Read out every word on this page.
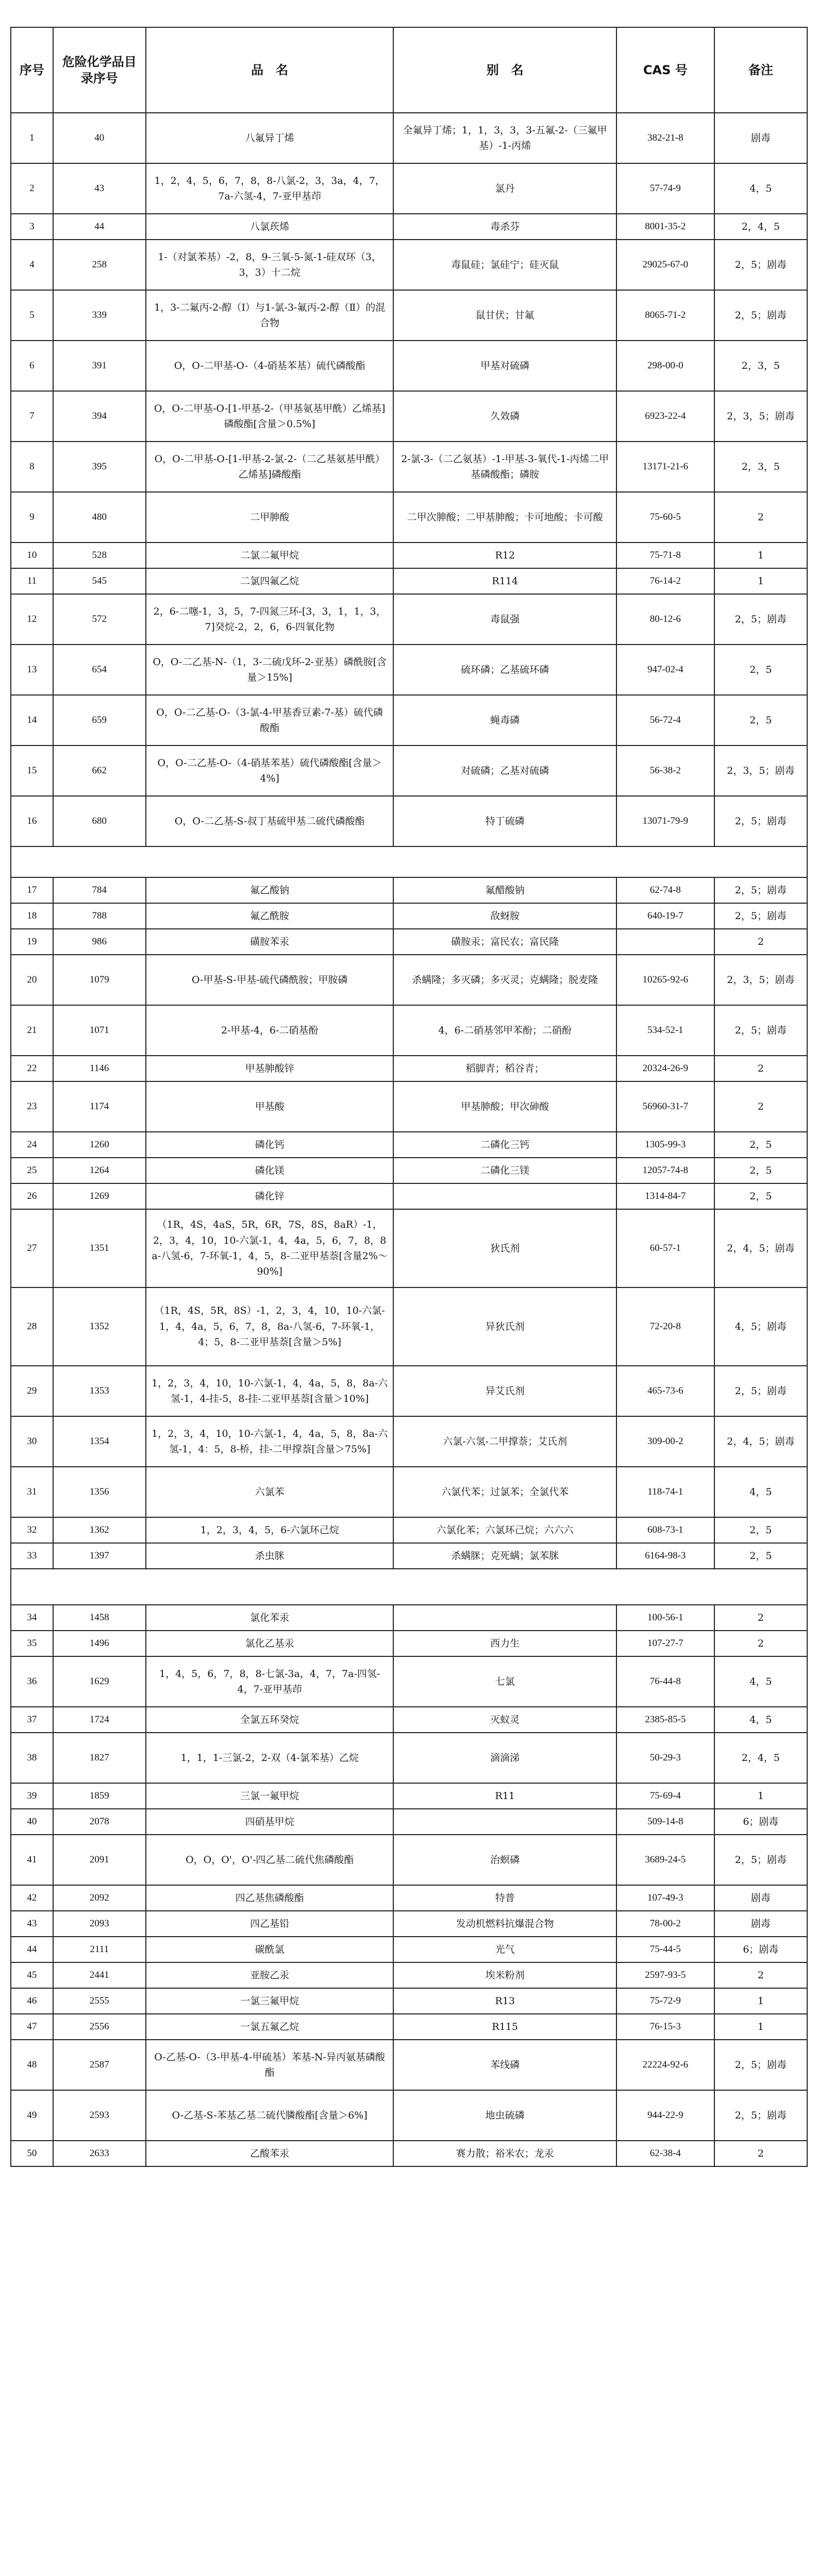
序号	危险化学品目录序号	品　名	别　名	CAS 号	备注
1	40	八氟异丁烯	全氟异丁烯；1，1，3，3，3-五氟-2-（三氟甲基）-1-丙烯	382-21-8	剧毒
2	43	1，2，4，5，6，7，8，8-八氯-2，3，3a，4，7，7a-六氢-4，7-亚甲基茚	氯丹	57-74-9	4，5
3	44	八氯莰烯	毒杀芬	8001-35-2	2，4，5
4	258	1-（对氯苯基）-2，8，9-三氧-5-氮-1-硅双环（3，3，3）十二烷	毒鼠硅；氯硅宁；硅灭鼠	29025-67-0	2，5；剧毒
5	339	1，3-二氟丙-2-醇（Ⅰ）与1-氯-3-氟丙-2-醇（Ⅱ）的混合物	鼠甘伏；甘氟	8065-71-2	2，5；剧毒
6	391	O，O-二甲基-O-（4-硝基苯基）硫代磷酸酯	甲基对硫磷	298-00-0	2，3，5
7	394	O，O-二甲基-O-[1-甲基-2-（甲基氨基甲酰）乙烯基]磷酸酯[含量＞0.5%]	久效磷	6923-22-4	2，3，5；剧毒
8	395	O，O-二甲基-O-[1-甲基-2-氯-2-（二乙基氨基甲酰）乙烯基]磷酸酯	2-氯-3-（二乙氨基）-1-甲基-3-氧代-1-丙烯二甲基磷酸酯；磷胺	13171-21-6	2，3，5
9	480	二甲胂酸	二甲次胂酸；二甲基胂酸；卡可地酸；卡可酸	75-60-5	2
10	528	二氯二氟甲烷	R12	75-71-8	1
11	545	二氯四氟乙烷	R114	76-14-2	1
12	572	2，6-二噻-1，3，5，7-四氮三环-[3，3，1，1，3，7]癸烷-2，2，6，6-四氧化物	毒鼠强	80-12-6	2，5；剧毒
13	654	O，O-二乙基-N-（1，3-二硫戊环-2-亚基）磷酰胺[含量＞15%]	硫环磷；乙基硫环磷	947-02-4	2，5
14	659	O，O-二乙基-O-（3-氯-4-甲基香豆素-7-基）硫代磷酸酯	蝇毒磷	56-72-4	2，5
15	662	O，O-二乙基-O-（4-硝基苯基）硫代磷酸酯[含量＞4%]	对硫磷；乙基对硫磷	56-38-2	2，3，5；剧毒
16	680	O，O-二乙基-S-叔丁基硫甲基二硫代磷酸酯	特丁硫磷	13071-79-9	2，5；剧毒

17	784	氟乙酸钠	氟醋酸钠	62-74-8	2，5；剧毒
18	788	氟乙酰胺	敌蚜胺	640-19-7	2，5；剧毒
19	986	磺胺苯汞	磺胺汞；富民农；富民隆		2
20	1079	O-甲基-S-甲基-硫代磷酰胺；甲胺磷	杀螨隆；多灭磷；多灭灵；克螨隆；脱麦隆	10265-92-6	2，3，5；剧毒
21	1071	2-甲基-4，6-二硝基酚	4，6-二硝基邻甲苯酚；二硝酚	534-52-1	2，5；剧毒
22	1146	甲基胂酸锌	稻脚青；稻谷青；	20324-26-9	2
23	1174	甲基酸	甲基胂酸；甲次砷酸	56960-31-7	2
24	1260	磷化钙	二磷化三钙	1305-99-3	2，5
25	1264	磷化镁	二磷化三镁	12057-74-8	2，5
26	1269	磷化锌		1314-84-7	2，5
27	1351	（1R，4S，4aS，5R，6R，7S，8S，8aR）-1，2，3，4，10，10-六氯-1，4，4a，5，6，7，8，8a-八氢-6，7-环氧-1，4，5，8-二亚甲基萘[含量2%～90%]	狄氏剂	60-57-1	2，4，5；剧毒
28	1352	（1R，4S，5R，8S）-1，2，3，4，10，10-六氯-1，4，4a，5，6，7，8，8a-八氢-6，7-环氧-1，4；5，8-二亚甲基萘[含量＞5%]	异狄氏剂	72-20-8	4，5；剧毒
29	1353	1，2，3，4，10，10-六氯-1，4，4a，5，8，8a-六氢-1，4-挂-5，8-挂-二亚甲基萘[含量＞10%]	异艾氏剂	465-73-6	2，5；剧毒
30	1354	1，2，3，4，10，10-六氯-1，4，4a，5，8，8a-六氢-1，4：5，8-桥，挂-二甲撑萘[含量＞75%]	六氯-六氢-二甲撑萘；艾氏剂	309-00-2	2，4，5；剧毒
31	1356	六氯苯	六氯代苯；过氯苯；全氯代苯	118-74-1	4，5
32	1362	1，2，3，4，5，6-六氯环己烷	六氯化苯；六氯环己烷；六六六	608-73-1	2，5
33	1397	杀虫脒	杀螨脒；克死螨；氯苯脒	6164-98-3	2，5

34	1458	氯化苯汞		100-56-1	2
35	1496	氯化乙基汞	西力生	107-27-7	2
36	1629	1，4，5，6，7，8，8-七氯-3a，4，7，7a-四氢-4，7-亚甲基茚	七氯	76-44-8	4，5
37	1724	全氯五环癸烷	灭蚁灵	2385-85-5	4，5
38	1827	1，1，1-三氯-2，2-双（4-氯苯基）乙烷	滴滴涕	50-29-3	2，4，5
39	1859	三氯一氟甲烷	R11	75-69-4	1
40	2078	四硝基甲烷		509-14-8	6；剧毒
41	2091	O，O，O'，O'-四乙基二硫代焦磷酸酯	治螟磷	3689-24-5	2，5；剧毒
42	2092	四乙基焦磷酸酯	特普	107-49-3	剧毒
43	2093	四乙基铅	发动机燃料抗爆混合物	78-00-2	剧毒
44	2111	碳酰氯	光气	75-44-5	6；剧毒
45	2441	亚胺乙汞	埃米粉剂	2597-93-5	2
46	2555	一氯三氟甲烷	R13	75-72-9	1
47	2556	一氯五氟乙烷	R115	76-15-3	1
48	2587	O-乙基-O-（3-甲基-4-甲硫基）苯基-N-异丙氨基磷酸酯	苯线磷	22224-92-6	2，5；剧毒
49	2593	O-乙基-S-苯基乙基二硫代膦酸酯[含量＞6%]	地虫硫磷	944-22-9	2，5；剧毒
50	2633	乙酸苯汞	赛力散；裕米农；龙汞	62-38-4	2
